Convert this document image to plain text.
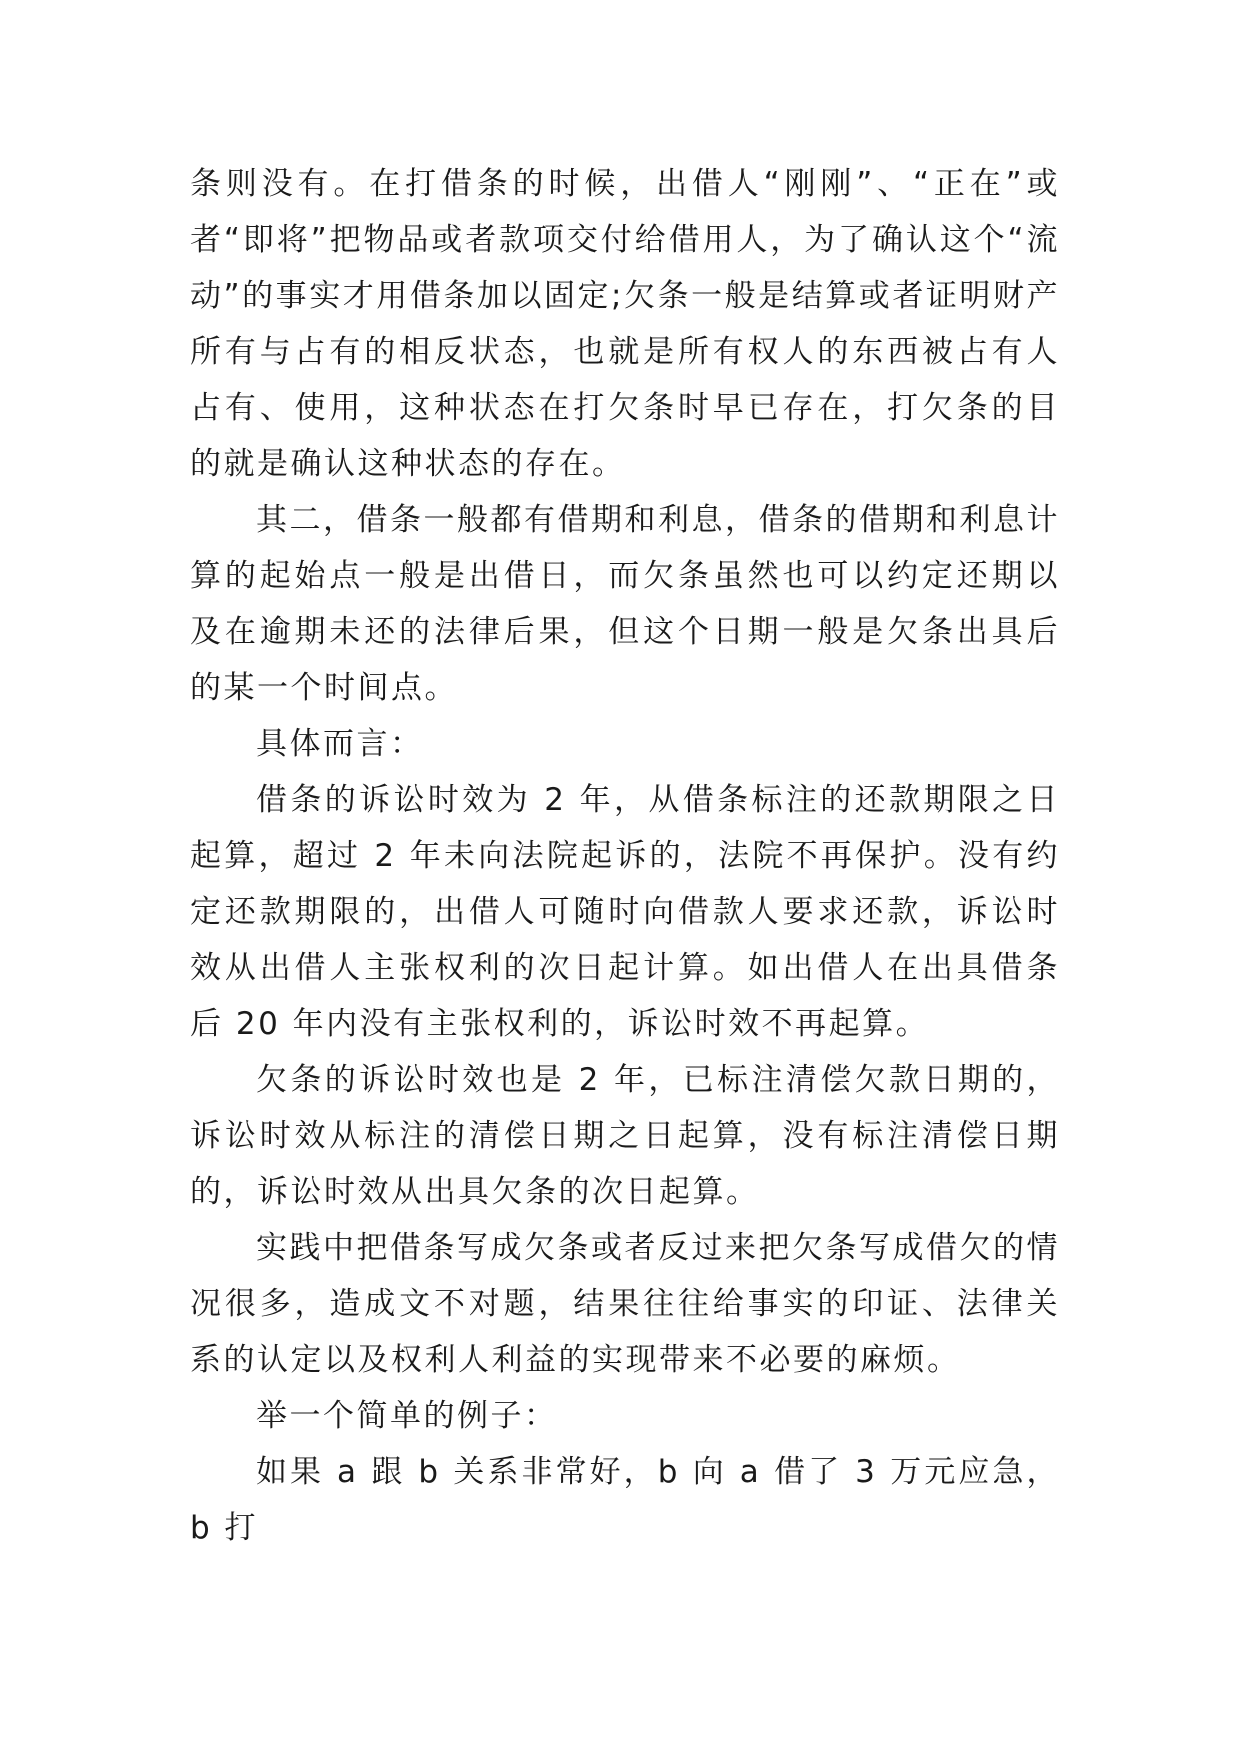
条则没有。在打借条的时候，出借人“刚刚”、“正在”或者“即将”把物品或者款项交付给借用人，为了确认这个“流动”的事实才用借条加以固定;欠条一般是结算或者证明财产所有与占有的相反状态，也就是所有权人的东西被占有人占有、使用，这种状态在打欠条时早已存在，打欠条的目的就是确认这种状态的存在。

其二，借条一般都有借期和利息，借条的借期和利息计算的起始点一般是出借日，而欠条虽然也可以约定还期以及在逾期未还的法律后果，但这个日期一般是欠条出具后的某一个时间点。

具体而言：

借条的诉讼时效为 2 年，从借条标注的还款期限之日起算，超过 2 年未向法院起诉的，法院不再保护。没有约定还款期限的，出借人可随时向借款人要求还款，诉讼时效从出借人主张权利的次日起计算。如出借人在出具借条后 20 年内没有主张权利的，诉讼时效不再起算。

欠条的诉讼时效也是 2 年，已标注清偿欠款日期的，诉讼时效从标注的清偿日期之日起算，没有标注清偿日期的，诉讼时效从出具欠条的次日起算。

实践中把借条写成欠条或者反过来把欠条写成借欠的情况很多，造成文不对题，结果往往给事实的印证、法律关系的认定以及权利人利益的实现带来不必要的麻烦。

举一个简单的例子：

如果 a 跟 b 关系非常好，b 向 a 借了 3 万元应急，b 打
